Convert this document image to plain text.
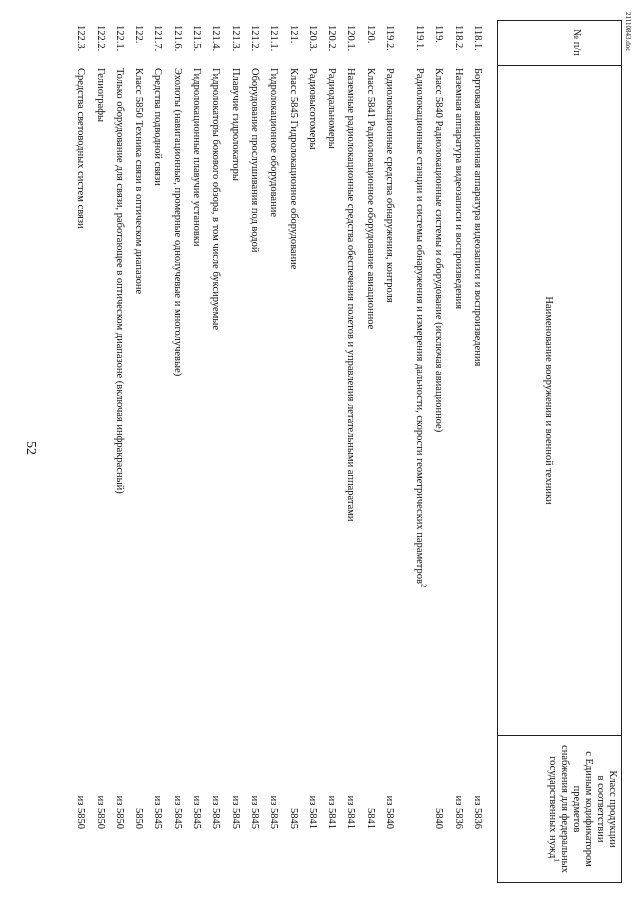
52
21110843.doc
№ п/п
Наименование вооружения и военной техники
Класс продукции
в соответствии
с Единым кодификатором предметов
снабжения для федеральных
государственных нужд$^1$
118.1.
Бортовая авиационная аппаратура видеозаписи и воспроизведения
из 5836
118.2.
Наземная аппаратура видеозаписи и воспроизведения
из 5836
119.
Класс 5840 Радиолокационные системы и оборудование (исключая авиационное)
5840
119.1.
Радиолокационные станции и системы обнаружения и измерения дальности, скорости геометрических параметров$^2$
119.2.
Радиолокационные средства обнаружения, контроля
из 5840
120.
Класс 5841 Радиолокационное оборудование авиационное
5841
120.1.
Наземные радиолокационные средства обеспечения полетов и управления летательными аппаратами
из 5841
120.2.
Радиодальномеры
из 5841
120.3.
Радиовысотомеры
из 5841
121.
Класс 5845 Гидролокационное оборудование
5845
121.1.
Гидролокационное оборудование
из 5845
121.2.
Оборудование прослушивания под водой
из 5845
121.3.
Плавучие гидролокаторы
из 5845
121.4.
Гидролокаторы бокового обзора, в том числе буксируемые
из 5845
121.5.
Гидролокационные плавучие установки
из 5845
121.6.
Эхолоты (навигационные, промерные однолучевые и многолучевые)
из 5845
121.7.
Средства подводной связи
из 5845
122.
Класс 5850 Техника связи в оптическом диапазоне
5850
122.1.
Только оборудование для связи, работающее в оптическом диапазоне (включая инфракрасный)
из 5850
122.2.
Гелиографы
из 5850
122.3.
Средства световодных систем связи
из 5850
